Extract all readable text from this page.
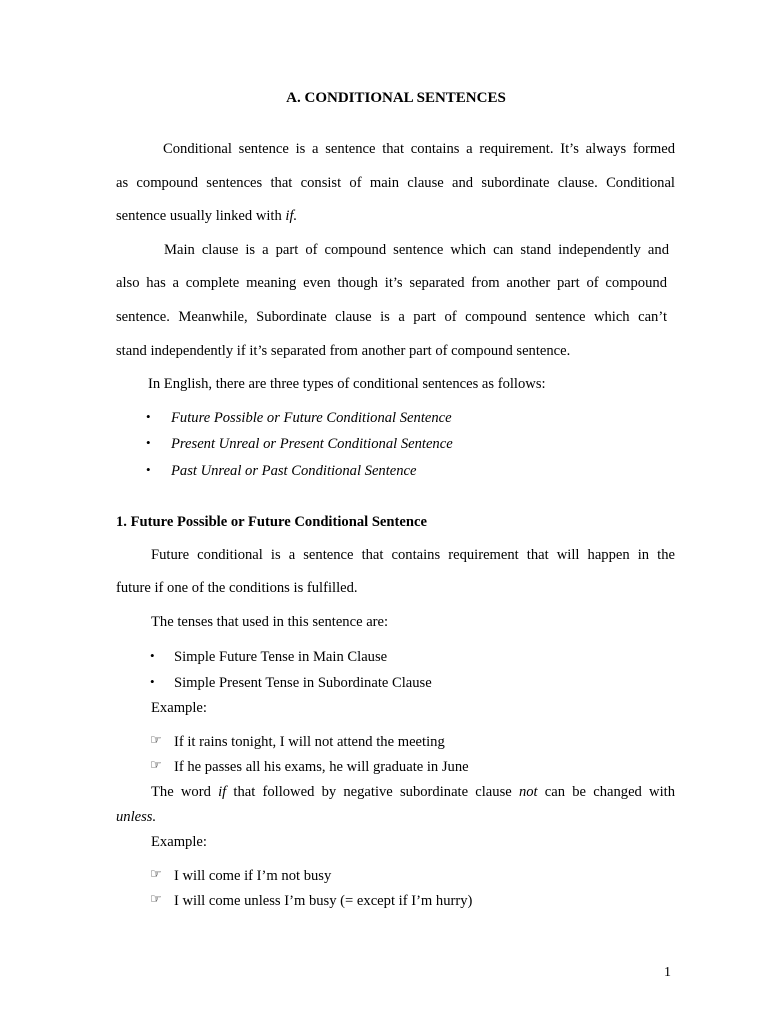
A. CONDITIONAL SENTENCES
Conditional sentence is a sentence that contains a requirement. It’s always formed
as compound sentences that consist of main clause and subordinate clause. Conditional
sentence usually linked with if.
Main clause is a part of compound sentence which can stand independently and
also has a complete meaning even though it’s separated from another part of compound
sentence. Meanwhile, Subordinate clause is a part of compound sentence which can’t
stand independently if it’s separated from another part of compound sentence.
In English, there are three types of conditional sentences as follows:
• Future Possible or Future Conditional Sentence
• Present Unreal or Present Conditional Sentence
• Past Unreal or Past Conditional Sentence
1. Future Possible or Future Conditional Sentence
Future conditional is a sentence that contains requirement that will happen in the
future if one of the conditions is fulfilled.
The tenses that used in this sentence are:
• Simple Future Tense in Main Clause
• Simple Present Tense in Subordinate Clause
Example:
☞ If it rains tonight, I will not attend the meeting
☞ If he passes all his exams, he will graduate in June
The word if that followed by negative subordinate clause not can be changed with
unless.
Example:
☞ I will come if I’m not busy
☞ I will come unless I’m busy (= except if I’m hurry)
1
